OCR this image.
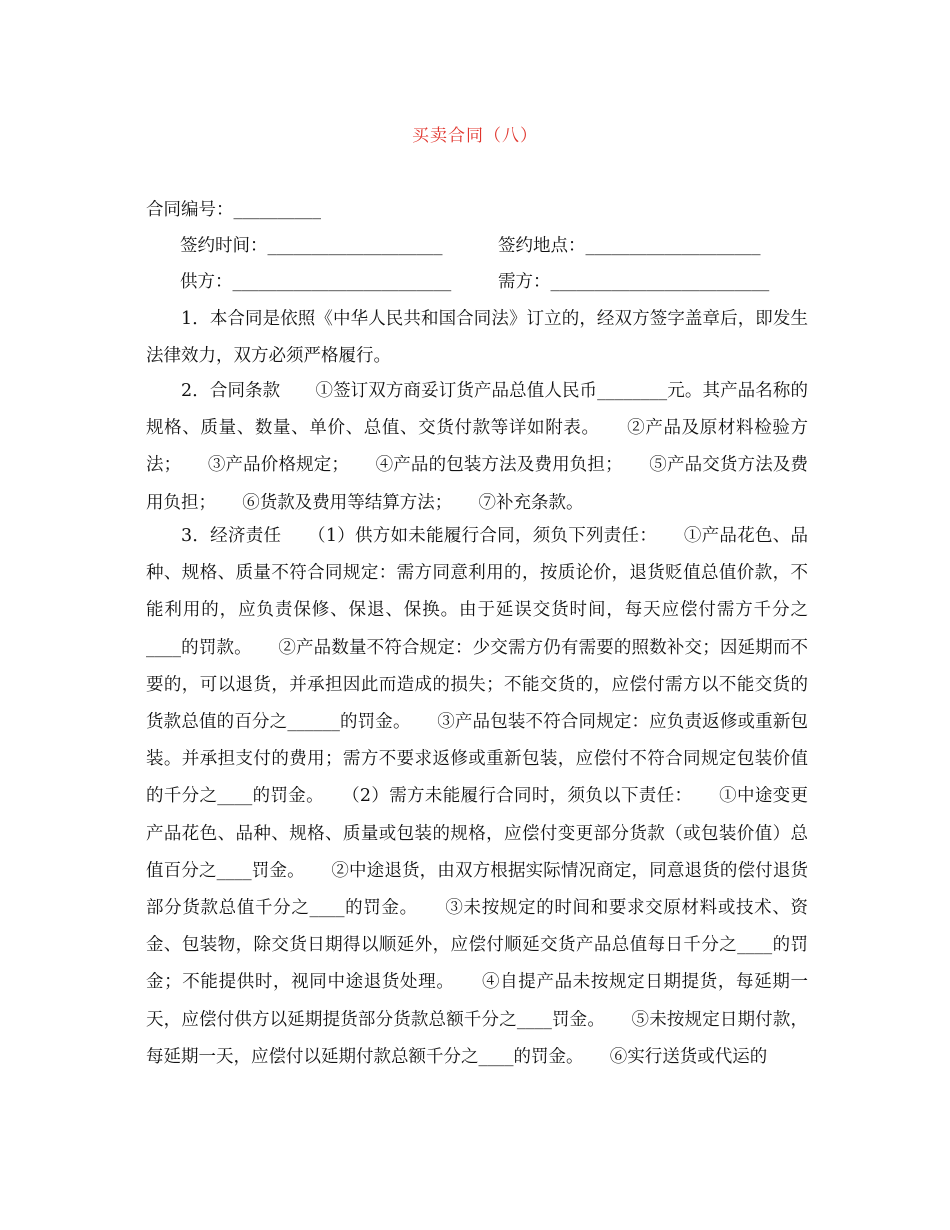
买卖合同（八）
合同编号：__________
签约时间：____________________	签约地点：____________________
供方：_________________________	需方：_________________________

1．本合同是依照《中华人民共和国合同法》订立的，经双方签字盖章后，即发生法律效力，双方必须严格履行。

2．合同条款　　①签订双方商妥订货产品总值人民币________元。其产品名称的规格、质量、数量、单价、总值、交货付款等详如附表。　　②产品及原材料检验方法；　　③产品价格规定；　　④产品的包装方法及费用负担；　　⑤产品交货方法及费用负担；　　⑥货款及费用等结算方法；　　⑦补充条款。

3．经济责任　　（1）供方如未能履行合同，须负下列责任：　　①产品花色、品种、规格、质量不符合同规定：需方同意利用的，按质论价，退货贬值总值价款，不能利用的，应负责保修、保退、保换。由于延误交货时间，每天应偿付需方千分之____的罚款。　　②产品数量不符合规定：少交需方仍有需要的照数补交；因延期而不要的，可以退货，并承担因此而造成的损失；不能交货的，应偿付需方以不能交货的货款总值的百分之______的罚金。　　③产品包装不符合同规定：应负责返修或重新包装。并承担支付的费用；需方不要求返修或重新包装，应偿付不符合同规定包装价值的千分之____的罚金。　　（2）需方未能履行合同时，须负以下责任：　　①中途变更产品花色、品种、规格、质量或包装的规格，应偿付变更部分货款（或包装价值）总值百分之____罚金。　　②中途退货，由双方根据实际情况商定，同意退货的偿付退货部分货款总值千分之____的罚金。　　③未按规定的时间和要求交原材料或技术、资金、包装物，除交货日期得以顺延外，应偿付顺延交货产品总值每日千分之____的罚金；不能提供时，视同中途退货处理。　　④自提产品未按规定日期提货，每延期一天，应偿付供方以延期提货部分货款总额千分之____罚金。　　⑤未按规定日期付款，每延期一天，应偿付以延期付款总额千分之____的罚金。　　⑥实行送货或代运的
